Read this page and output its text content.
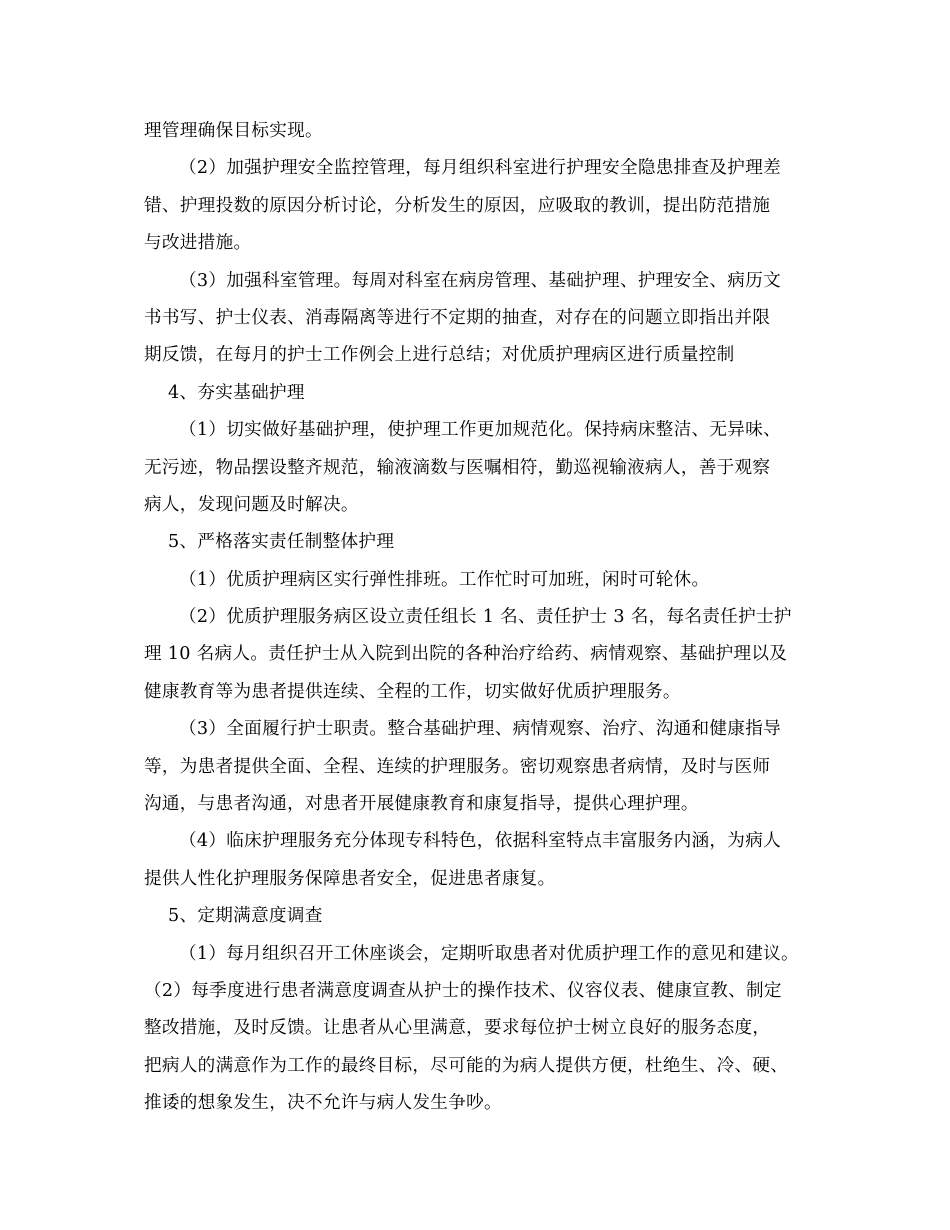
理管理确保目标实现。
（2）加强护理安全监控管理，每月组织科室进行护理安全隐患排查及护理差
错、护理投数的原因分析讨论，分析发生的原因，应吸取的教训，提出防范措施
与改进措施。
（3）加强科室管理。每周对科室在病房管理、基础护理、护理安全、病历文
书书写、护士仪表、消毒隔离等进行不定期的抽查，对存在的问题立即指出并限
期反馈，在每月的护士工作例会上进行总结；对优质护理病区进行质量控制
4、夯实基础护理
（1）切实做好基础护理，使护理工作更加规范化。保持病床整洁、无异味、
无污迹，物品摆设整齐规范，输液滴数与医嘱相符，勤巡视输液病人，善于观察
病人，发现问题及时解决。
5、严格落实责任制整体护理
（1）优质护理病区实行弹性排班。工作忙时可加班，闲时可轮休。
（2）优质护理服务病区设立责任组长 1 名、责任护士 3 名，每名责任护士护
理 10 名病人。责任护士从入院到出院的各种治疗给药、病情观察、基础护理以及
健康教育等为患者提供连续、全程的工作，切实做好优质护理服务。
（3）全面履行护士职责。整合基础护理、病情观察、治疗、沟通和健康指导
等，为患者提供全面、全程、连续的护理服务。密切观察患者病情，及时与医师
沟通，与患者沟通，对患者开展健康教育和康复指导，提供心理护理。
（4）临床护理服务充分体现专科特色，依据科室特点丰富服务内涵，为病人
提供人性化护理服务保障患者安全，促进患者康复。
5、定期满意度调查
（1）每月组织召开工休座谈会，定期听取患者对优质护理工作的意见和建议。
（2）每季度进行患者满意度调查从护士的操作技术、仪容仪表、健康宣教、制定
整改措施，及时反馈。让患者从心里满意，要求每位护士树立良好的服务态度，
把病人的满意作为工作的最终目标，尽可能的为病人提供方便，杜绝生、冷、硬、
推诿的想象发生，决不允许与病人发生争吵。
